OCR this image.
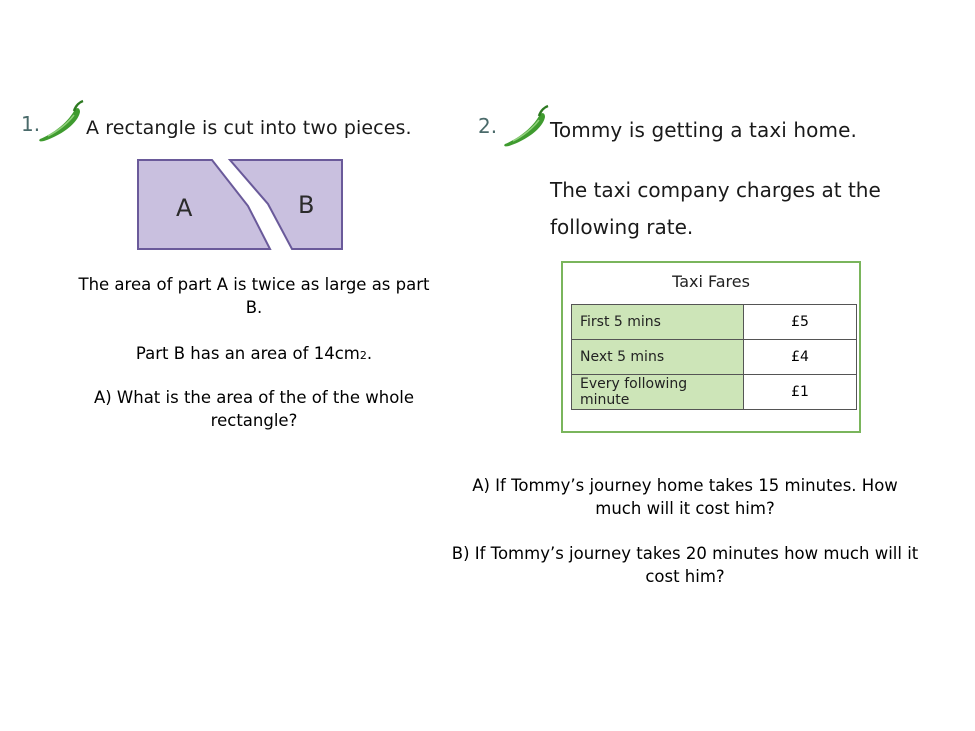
1. A rectangle is cut into two pieces.
A	B
The area of part A is twice as large as part B.
Part B has an area of 14cm2.
A) What is the area of the of the whole rectangle?
2.	Tommy is getting a taxi home.
The taxi company charges at the
following rate.
Taxi Fares
First 5 mins	£5
Next 5 mins	£4
Every following minute	£1
A) If Tommy’s journey home takes 15 minutes. How much will it cost him?
B) If Tommy’s journey takes 20 minutes how much will it cost him?
